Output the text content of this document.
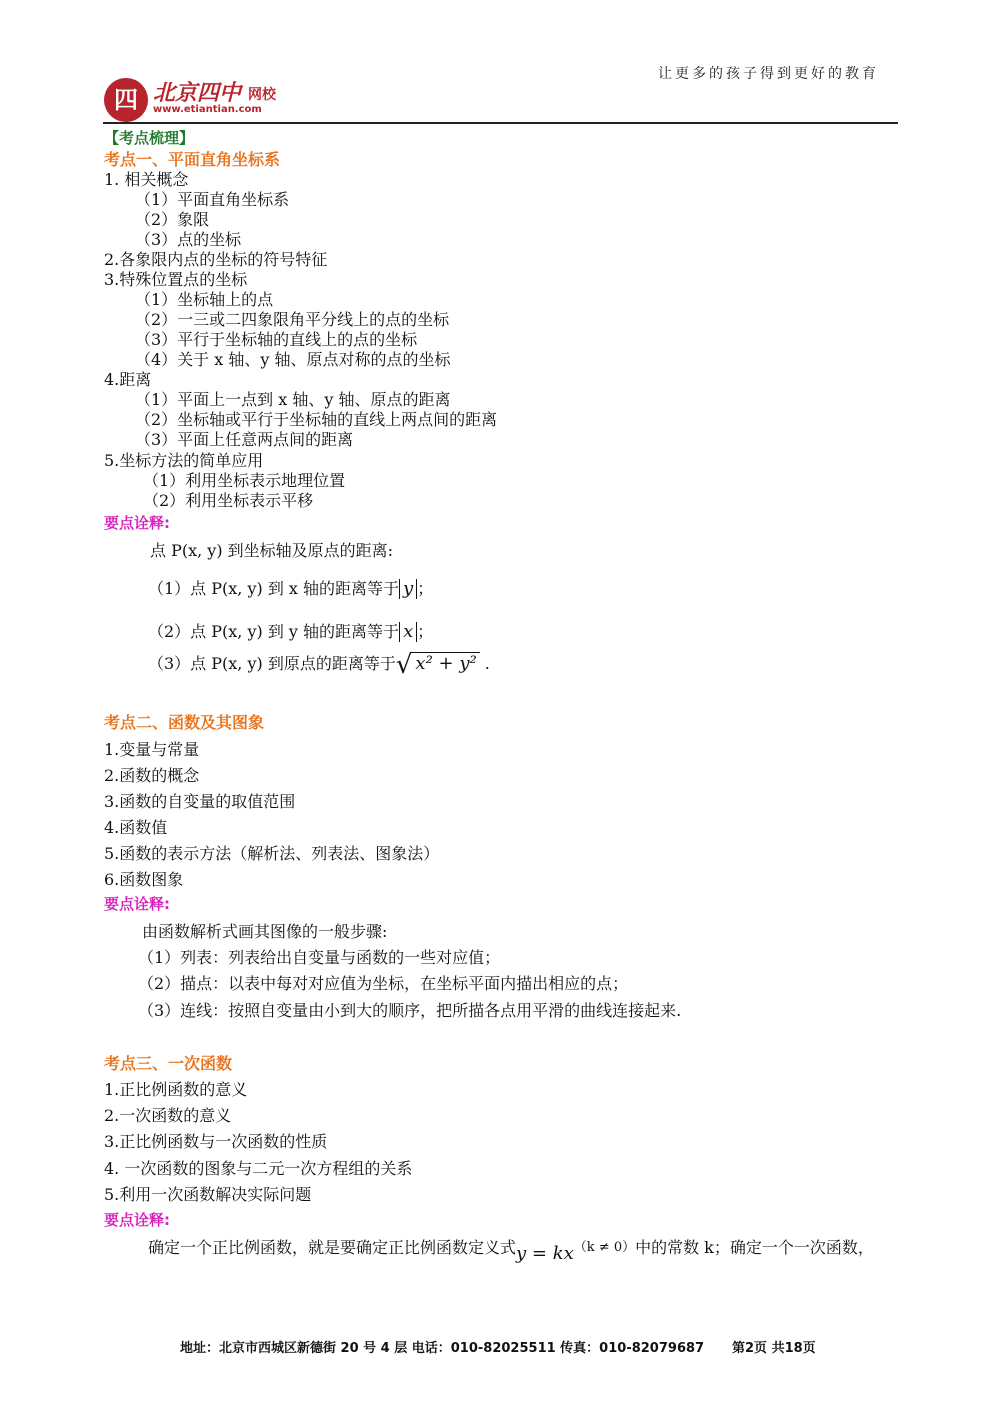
让更多的孩子得到更好的教育
四 北京四中 网校
www.etiantian.com
【考点梳理】
考点一、平面直角坐标系
1. 相关概念
（1）平面直角坐标系
（2）象限
（3）点的坐标
2.各象限内点的坐标的符号特征
3.特殊位置点的坐标
（1）坐标轴上的点
（2）一三或二四象限角平分线上的点的坐标
（3）平行于坐标轴的直线上的点的坐标
（4）关于 x 轴、y 轴、原点对称的点的坐标
4.距离
（1）平面上一点到 x 轴、y 轴、原点的距离
（2）坐标轴或平行于坐标轴的直线上两点间的距离
（3）平面上任意两点间的距离
5.坐标方法的简单应用
（1）利用坐标表示地理位置
（2）利用坐标表示平移
要点诠释:
点 P(x, y) 到坐标轴及原点的距离:
（1）点 P(x, y) 到 x 轴的距离等于 y ；
（2）点 P(x, y) 到 y 轴的距离等于 x ；
（3）点 P(x, y) 到原点的距离等于√ x² + y² .
考点二、函数及其图象
1.变量与常量
2.函数的概念
3.函数的自变量的取值范围
4.函数值
5.函数的表示方法（解析法、列表法、图象法）
6.函数图象
要点诠释:
由函数解析式画其图像的一般步骤:
（1）列表：列表给出自变量与函数的一些对应值；
（2）描点：以表中每对对应值为坐标，在坐标平面内描出相应的点；
（3）连线：按照自变量由小到大的顺序，把所描各点用平滑的曲线连接起来.
考点三、一次函数
1.正比例函数的意义
2.一次函数的意义
3.正比例函数与一次函数的性质
4. 一次函数的图象与二元一次方程组的关系
5.利用一次函数解决实际问题
要点诠释:
确定一个正比例函数，就是要确定正比例函数定义式y = kx（k ≠ 0）中的常数 k；确定一个一次函数，
地址：北京市西城区新德街 20 号 4 层 电话：010-82025511 传真：010-82079687 第2页 共18页
